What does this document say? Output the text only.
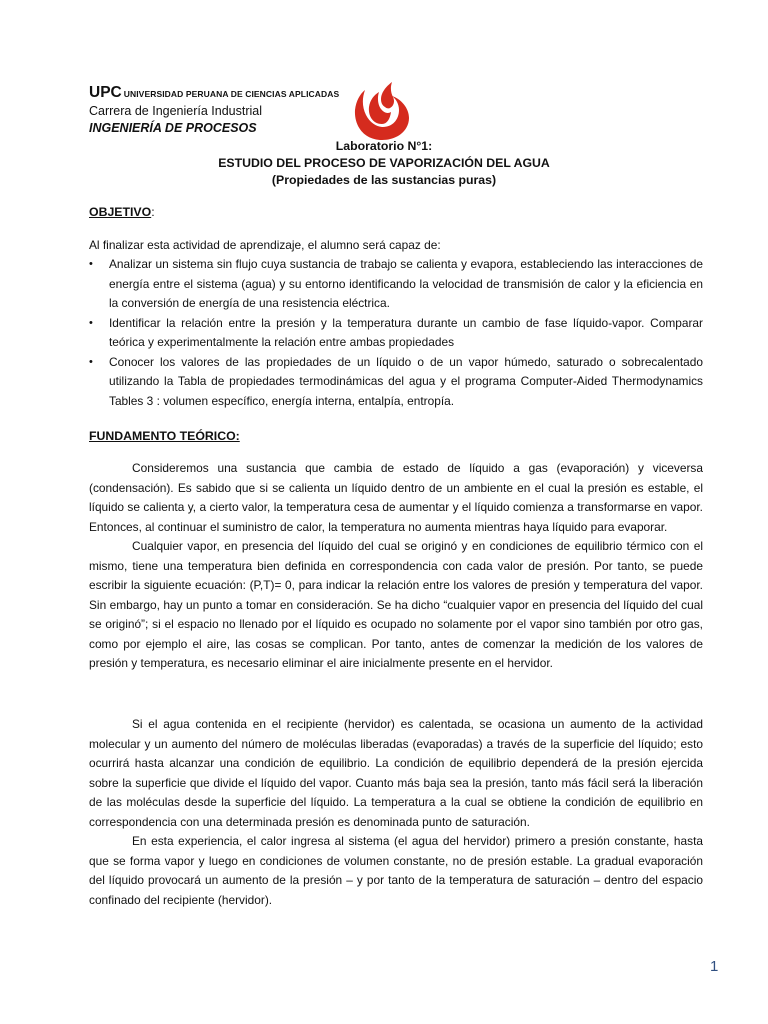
UPC UNIVERSIDAD PERUANA DE CIENCIAS APLICADAS
Carrera de Ingeniería Industrial
INGENIERÍA DE PROCESOS
Laboratorio N°1:
ESTUDIO DEL PROCESO DE VAPORIZACIÓN DEL AGUA
(Propiedades de las sustancias puras)
OBJETIVO:
Al finalizar esta actividad de aprendizaje, el alumno será capaz de:
• Analizar un sistema sin flujo cuya sustancia de trabajo se calienta y evapora, estableciendo las interacciones de energía entre el sistema (agua) y su entorno identificando la velocidad de transmisión de calor y la eficiencia en la conversión de energía de una resistencia eléctrica.
• Identificar la relación entre la presión y la temperatura durante un cambio de fase líquido-vapor. Comparar teórica y experimentalmente la relación entre ambas propiedades
• Conocer los valores de las propiedades de un líquido o de un vapor húmedo, saturado o sobrecalentado utilizando la Tabla de propiedades termodinámicas del agua y el programa Computer-Aided Thermodynamics Tables 3 : volumen específico, energía interna, entalpía, entropía.
FUNDAMENTO TEÓRICO:
Consideremos una sustancia que cambia de estado de líquido a gas (evaporación) y viceversa (condensación). Es sabido que si se calienta un líquido dentro de un ambiente en el cual la presión es estable, el líquido se calienta y, a cierto valor, la temperatura cesa de aumentar y el líquido comienza a transformarse en vapor. Entonces, al continuar el suministro de calor, la temperatura no aumenta mientras haya líquido para evaporar.
Cualquier vapor, en presencia del líquido del cual se originó y en condiciones de equilibrio térmico con el mismo, tiene una temperatura bien definida en correspondencia con cada valor de presión. Por tanto, se puede escribir la siguiente ecuación: (P,T)= 0, para indicar la relación entre los valores de presión y temperatura del vapor. Sin embargo, hay un punto a tomar en consideración. Se ha dicho “cualquier vapor en presencia del líquido del cual se originó”; si el espacio no llenado por el líquido es ocupado no solamente por el vapor sino también por otro gas, como por ejemplo el aire, las cosas se complican. Por tanto, antes de comenzar la medición de los valores de presión y temperatura, es necesario eliminar el aire inicialmente presente en el hervidor.
Si el agua contenida en el recipiente (hervidor) es calentada, se ocasiona un aumento de la actividad molecular y un aumento del número de moléculas liberadas (evaporadas) a través de la superficie del líquido; esto ocurrirá hasta alcanzar una condición de equilibrio. La condición de equilibrio dependerá de la presión ejercida sobre la superficie que divide el líquido del vapor. Cuanto más baja sea la presión, tanto más fácil será la liberación de las moléculas desde la superficie del líquido. La temperatura a la cual se obtiene la condición de equilibrio en correspondencia con una determinada presión es denominada punto de saturación.
En esta experiencia, el calor ingresa al sistema (el agua del hervidor) primero a presión constante, hasta que se forma vapor y luego en condiciones de volumen constante, no de presión estable. La gradual evaporación del líquido provocará un aumento de la presión – y por tanto de la temperatura de saturación – dentro del espacio confinado del recipiente (hervidor).
1
